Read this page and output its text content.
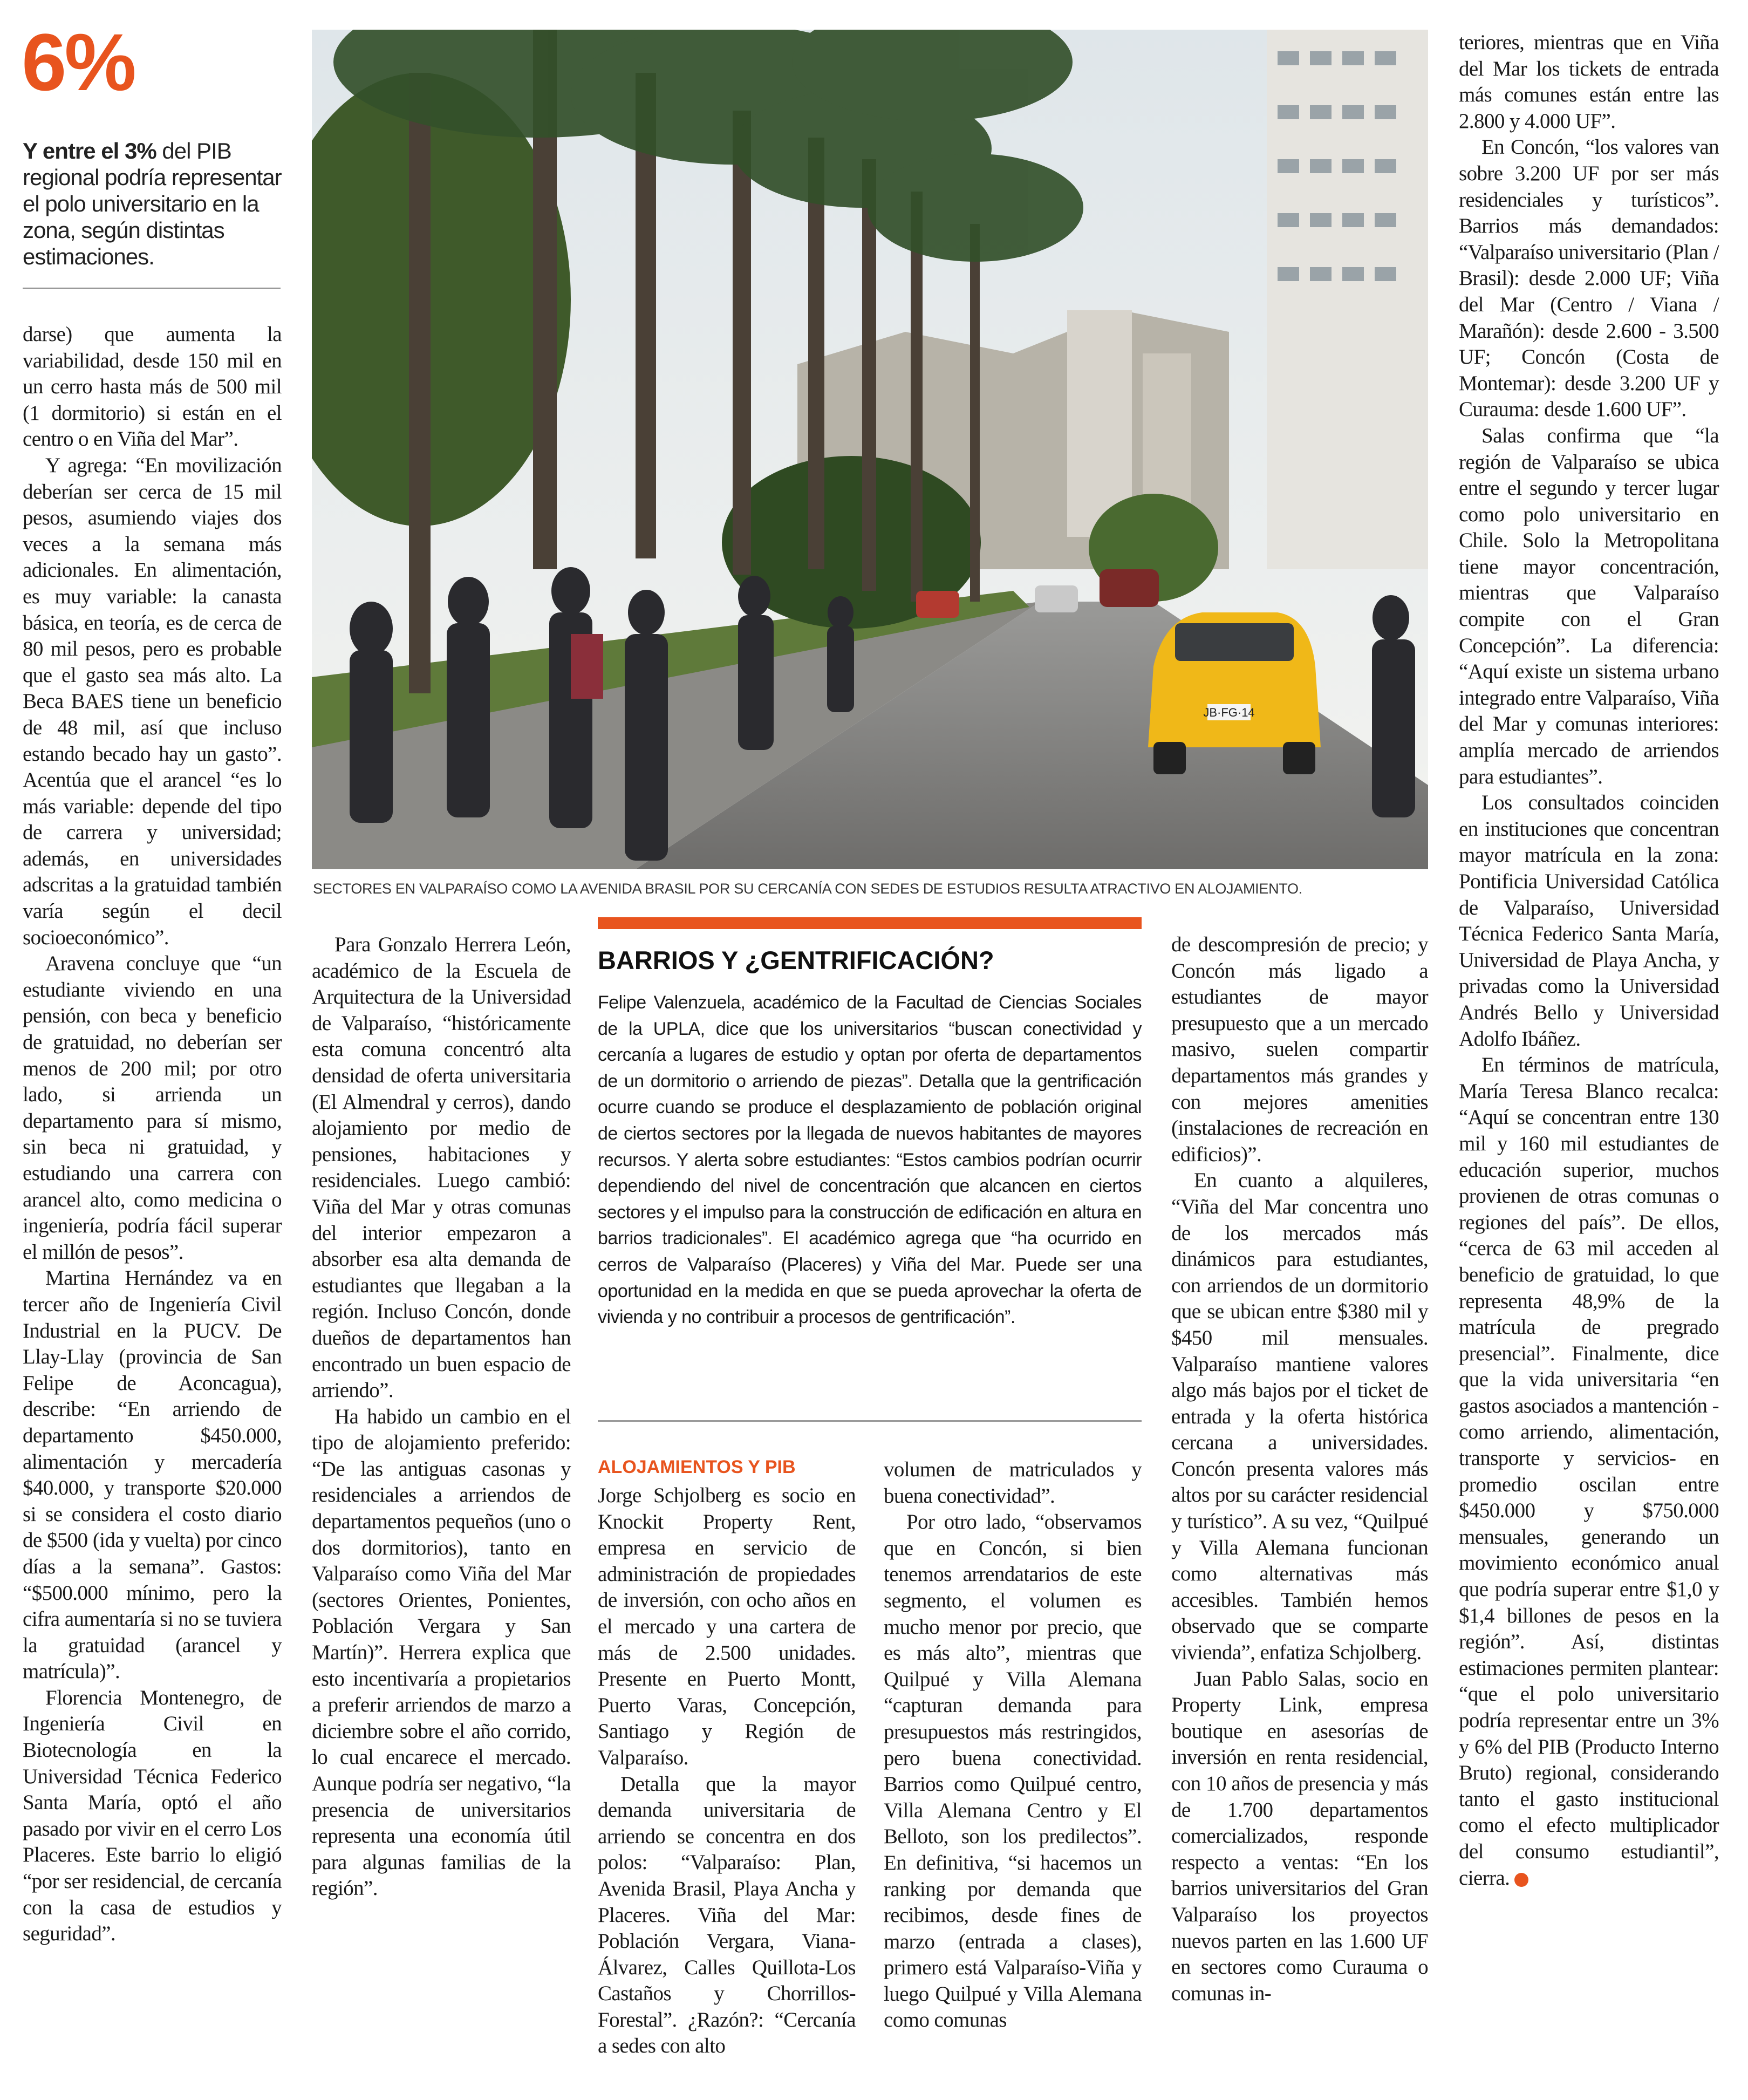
6%
Y entre el 3% del PIB regional podría representar el polo universitario en la zona, según distintas estimaciones.
JB·FG·14
SECTORES EN VALPARAÍSO COMO LA AVENIDA BRASIL POR SU CERCANÍA CON SEDES DE ESTUDIOS RESULTA ATRACTIVO EN ALOJAMIENTO.

darse) que aumenta la variabilidad, desde 150 mil en un cerro hasta más de 500 mil (1 dormitorio) si están en el centro o en Viña del Mar”.

Y agrega: “En movilización deberían ser cerca de 15 mil pesos, asumiendo viajes dos veces a la semana más adicionales. En alimentación, es muy variable: la canasta básica, en teoría, es de cerca de 80 mil pesos, pero es probable que el gasto sea más alto. La Beca BAES tiene un beneficio de 48 mil, así que incluso estando becado hay un gasto”. Acentúa que el arancel “es lo más variable: depende del tipo de carrera y universidad; además, en universidades adscritas a la gratuidad también varía según el decil socioeconómico”.

Aravena concluye que “un estudiante viviendo en una pensión, con beca y beneficio de gratuidad, no deberían ser menos de 200 mil; por otro lado, si arrienda un departamento para sí mismo, sin beca ni gratuidad, y estudiando una carrera con arancel alto, como medicina o ingeniería, podría fácil superar el millón de pesos”.

Martina Hernández va en tercer año de Ingeniería Civil Industrial en la PUCV. De Llay-Llay (provincia de San Felipe de Aconcagua), describe: “En arriendo de departamento $450.000, alimentación y mercadería $40.000, y transporte $20.000 si se considera el costo diario de $500 (ida y vuelta) por cinco días a la semana”. Gastos: “$500.000 mínimo, pero la cifra aumentaría si no se tuviera la gratuidad (arancel y matrícula)”.

Florencia Montenegro, de Ingeniería Civil en Biotecnología en la Universidad Técnica Federico Santa María, optó el año pasado por vivir en el cerro Los Placeres. Este barrio lo eligió “por ser residencial, de cercanía con la casa de estudios y seguridad”.

Para Gonzalo Herrera León, académico de la Escuela de Arquitectura de la Universidad de Valparaíso, “históricamente esta comuna concentró alta densidad de oferta universitaria (El Almendral y cerros), dando alojamiento por medio de pensiones, habitaciones y residenciales. Luego cambió: Viña del Mar y otras comunas del interior empezaron a absorber esa alta demanda de estudiantes que llegaban a la región. Incluso Concón, donde dueños de departamentos han encontrado un buen espacio de arriendo”.

Ha habido un cambio en el tipo de alojamiento preferido: “De las antiguas casonas y residenciales a arriendos de departamentos pequeños (uno o dos dormitorios), tanto en Valparaíso como Viña del Mar (sectores Orientes, Ponientes, Población Vergara y San Martín)”. Herrera explica que esto incentivaría a propietarios a preferir arriendos de marzo a diciembre sobre el año corrido, lo cual encarece el mercado. Aunque podría ser negativo, “la presencia de universitarios representa una economía útil para algunas familias de la región”.

BARRIOS Y ¿GENTRIFICACIÓN?

Felipe Valenzuela, académico de la Facultad de Ciencias Sociales de la UPLA, dice que los universitarios “buscan conectividad y cercanía a lugares de estudio y optan por oferta de departamentos de un dormitorio o arriendo de piezas”. Detalla que la gentrificación ocurre cuando se produce el desplazamiento de población original de ciertos sectores por la llegada de nuevos habitantes de mayores recursos. Y alerta sobre estudiantes: “Estos cambios podrían ocurrir dependiendo del nivel de concentración que alcancen en ciertos sectores y el impulso para la construcción de edificación en altura en barrios tradicionales”. El académico agrega que “ha ocurrido en cerros de Valparaíso (Placeres) y Viña del Mar. Puede ser una oportunidad en la medida en que se pueda aprovechar la oferta de vivienda y no contribuir a procesos de gentrificación”.

ALOJAMIENTOS Y PIB

Jorge Schjolberg es socio en Knockit Property Rent, empresa en servicio de administración de propiedades de inversión, con ocho años en el mercado y una cartera de más de 2.500 unidades. Presente en Puerto Montt, Puerto Varas, Concepción, Santiago y Región de Valparaíso.

Detalla que la mayor demanda universitaria de arriendo se concentra en dos polos: “Valparaíso: Plan, Avenida Brasil, Playa Ancha y Placeres. Viña del Mar: Población Vergara, Viana-Álvarez, Calles Quillota-Los Castaños y Chorrillos-Forestal”. ¿Razón?: “Cercanía a sedes con alto

volumen de matriculados y buena conectividad”.

Por otro lado, “observamos que en Concón, si bien tenemos arrendatarios de este segmento, el volumen es mucho menor por precio, que es más alto”, mientras que Quilpué y Villa Alemana “capturan demanda para presupuestos más restringidos, pero buena conectividad. Barrios como Quilpué centro, Villa Alemana Centro y El Belloto, son los predilectos”. En definitiva, “si hacemos un ranking por demanda que recibimos, desde fines de marzo (entrada a clases), primero está Valparaíso-Viña y luego Quilpué y Villa Alemana como comunas

de descompresión de precio; y Concón más ligado a estudiantes de mayor presupuesto que a un mercado masivo, suelen compartir departamentos más grandes y con mejores amenities (instalaciones de recreación en edificios)”.

En cuanto a alquileres, “Viña del Mar concentra uno de los mercados más dinámicos para estudiantes, con arriendos de un dormitorio que se ubican entre $380 mil y $450 mil mensuales. Valparaíso mantiene valores algo más bajos por el ticket de entrada y la oferta histórica cercana a universidades. Concón presenta valores más altos por su carácter residencial y turístico”. A su vez, “Quilpué y Villa Alemana funcionan como alternativas más accesibles. También hemos observado que se comparte vivienda”, enfatiza Schjolberg.

Juan Pablo Salas, socio en Property Link, empresa boutique en asesorías de inversión en renta residencial, con 10 años de presencia y más de 1.700 departamentos comercializados, responde respecto a ventas: “En los barrios universitarios del Gran Valparaíso los proyectos nuevos parten en las 1.600 UF en sectores como Curauma o comunas in-

teriores, mientras que en Viña del Mar los tickets de entrada más comunes están entre las 2.800 y 4.000 UF”.

En Concón, “los valores van sobre 3.200 UF por ser más residenciales y turísticos”. Barrios más demandados: “Valparaíso universitario (Plan / Brasil): desde 2.000 UF; Viña del Mar (Centro / Viana / Marañón): desde 2.600 - 3.500 UF; Concón (Costa de Montemar): desde 3.200 UF y Curauma: desde 1.600 UF”.

Salas confirma que “la región de Valparaíso se ubica entre el segundo y tercer lugar como polo universitario en Chile. Solo la Metropolitana tiene mayor concentración, mientras que Valparaíso compite con el Gran Concepción”. La diferencia: “Aquí existe un sistema urbano integrado entre Valparaíso, Viña del Mar y comunas interiores: amplía mercado de arriendos para estudiantes”.

Los consultados coinciden en instituciones que concentran mayor matrícula en la zona: Pontificia Universidad Católica de Valparaíso, Universidad Técnica Federico Santa María, Universidad de Playa Ancha, y privadas como la Universidad Andrés Bello y Universidad Adolfo Ibáñez.

En términos de matrícula, María Teresa Blanco recalca: “Aquí se concentran entre 130 mil y 160 mil estudiantes de educación superior, muchos provienen de otras comunas o regiones del país”. De ellos, “cerca de 63 mil acceden al beneficio de gratuidad, lo que representa 48,9% de la matrícula de pregrado presencial”. Finalmente, dice que la vida universitaria “en gastos asociados a mantención -como arriendo, alimentación, transporte y servicios- en promedio oscilan entre $450.000 y $750.000 mensuales, generando un movimiento económico anual que podría superar entre $1,0 y $1,4 billones de pesos en la región”. Así, distintas estimaciones permiten plantear: “que el polo universitario podría representar entre un 3% y 6% del PIB (Producto Interno Bruto) regional, considerando tanto el gasto institucional como el efecto multiplicador del consumo estudiantil”, cierra.	✪
